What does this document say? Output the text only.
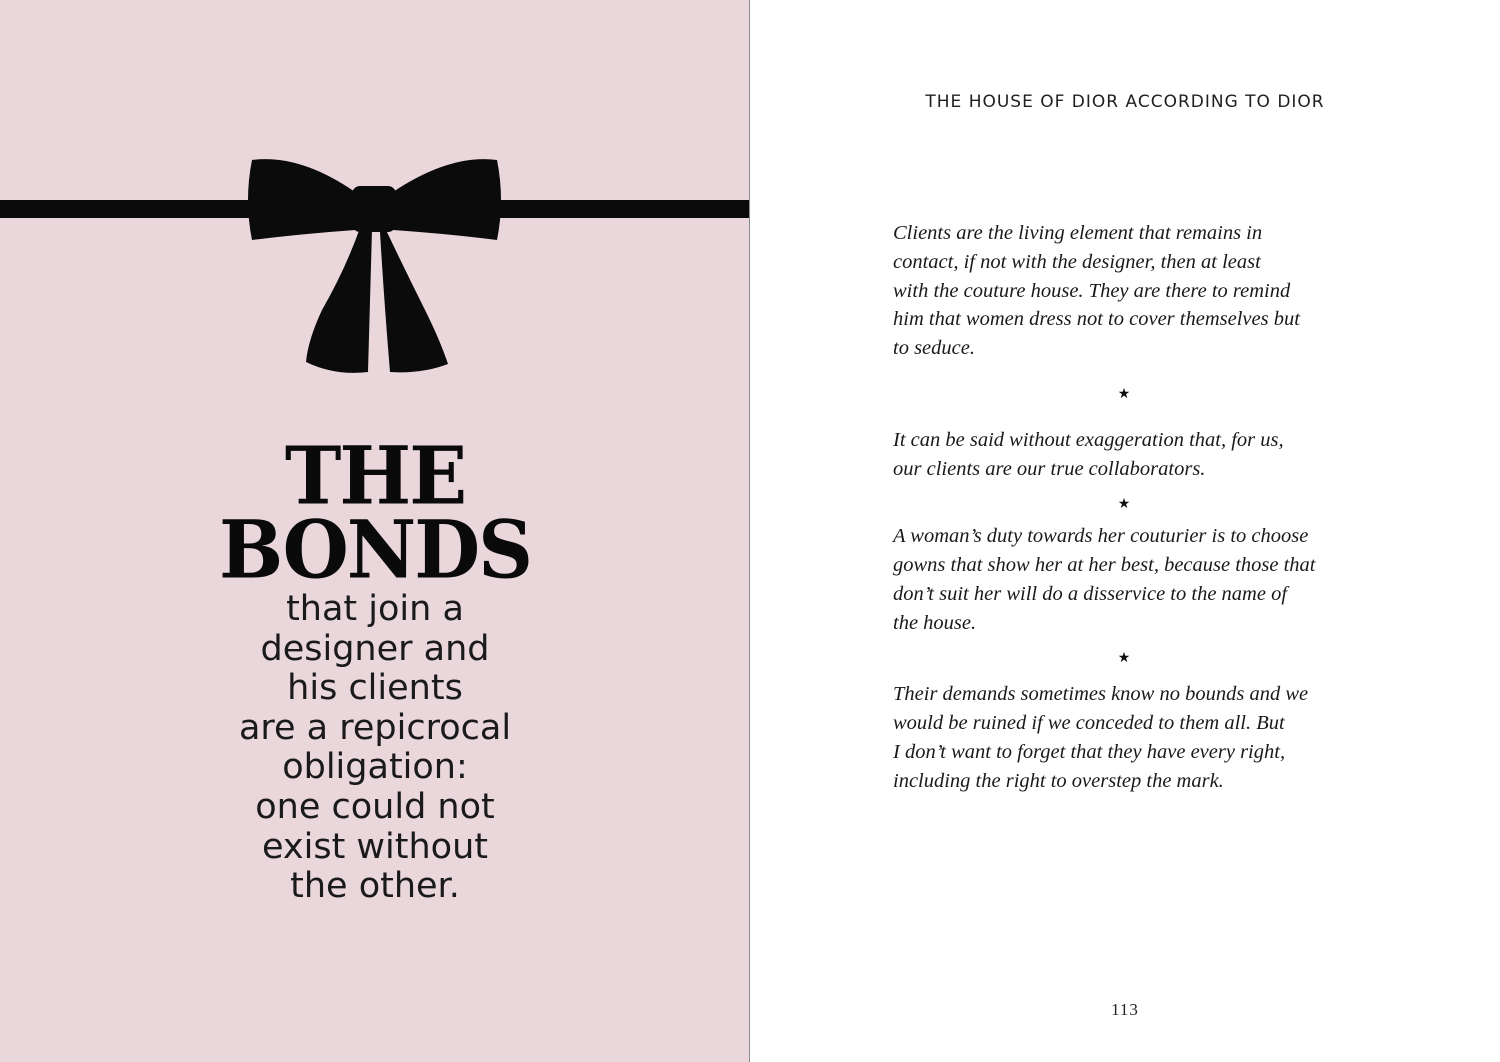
THE
BONDS
that join a
designer and
his clients
are a repicrocal
obligation:
one could not
exist without
the other.
THE HOUSE OF DIOR ACCORDING TO DIOR
Clients are the living element that remains in
contact, if not with the designer, then at least
with the couture house. They are there to remind
him that women dress not to cover themselves but
to seduce.
★
It can be said without exaggeration that, for us,
our clients are our true collaborators.
★
A woman’s duty towards her couturier is to choose
gowns that show her at her best, because those that
don’t suit her will do a disservice to the name of
the house.
★
Their demands sometimes know no bounds and we
would be ruined if we conceded to them all. But
I don’t want to forget that they have every right,
including the right to overstep the mark.
113
